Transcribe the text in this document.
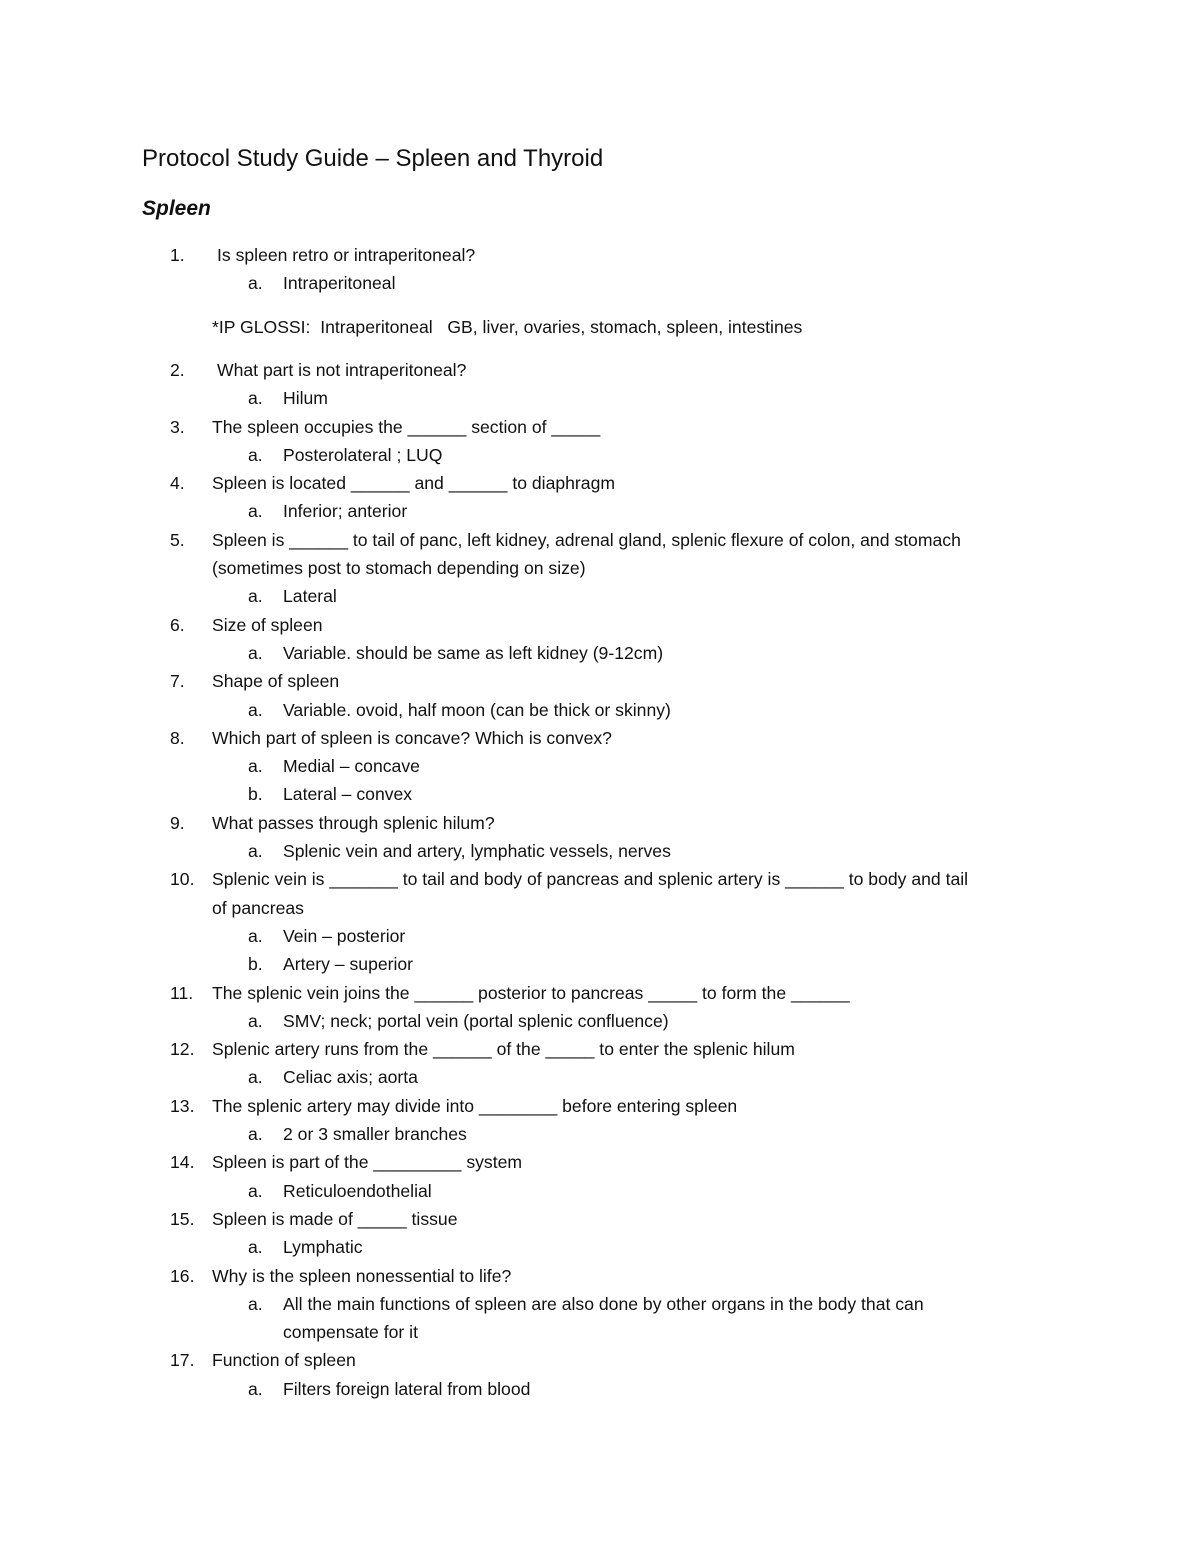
Protocol Study Guide – Spleen and Thyroid
Spleen
1.	Is spleen retro or intraperitoneal?
a. Intraperitoneal
*IP GLOSSI:  Intraperitoneal   GB, liver, ovaries, stomach, spleen, intestines
2.	What part is not intraperitoneal?
a. Hilum
3.	The spleen occupies the ______ section of _____
a. Posterolateral ; LUQ
4.	Spleen is located ______ and ______ to diaphragm
a. Inferior; anterior
5.	Spleen is ______ to tail of panc, left kidney, adrenal gland, splenic flexure of colon, and stomach
(sometimes post to stomach depending on size)
a. Lateral
6.	Size of spleen
a. Variable. should be same as left kidney (9-12cm)
7.	Shape of spleen
a. Variable. ovoid, half moon (can be thick or skinny)
8.	Which part of spleen is concave? Which is convex?
a. Medial – concave
b. Lateral – convex
9.	What passes through splenic hilum?
a. Splenic vein and artery, lymphatic vessels, nerves
10. Splenic vein is _______ to tail and body of pancreas and splenic artery is ______ to body and tail
of pancreas
a. Vein – posterior
b. Artery – superior
11.	The splenic vein joins the ______ posterior to pancreas _____ to form the ______
a. SMV; neck; portal vein (portal splenic confluence)
12. Splenic artery runs from the ______ of the _____ to enter the splenic hilum
a. Celiac axis; aorta
13. The splenic artery may divide into ________ before entering spleen
a. 2 or 3 smaller branches
14. Spleen is part of the _________ system
a. Reticuloendothelial
15. Spleen is made of _____ tissue
a. Lymphatic
16. Why is the spleen nonessential to life?
a. All the main functions of spleen are also done by other organs in the body that can
compensate for it
17. Function of spleen
a. Filters foreign lateral from blood
